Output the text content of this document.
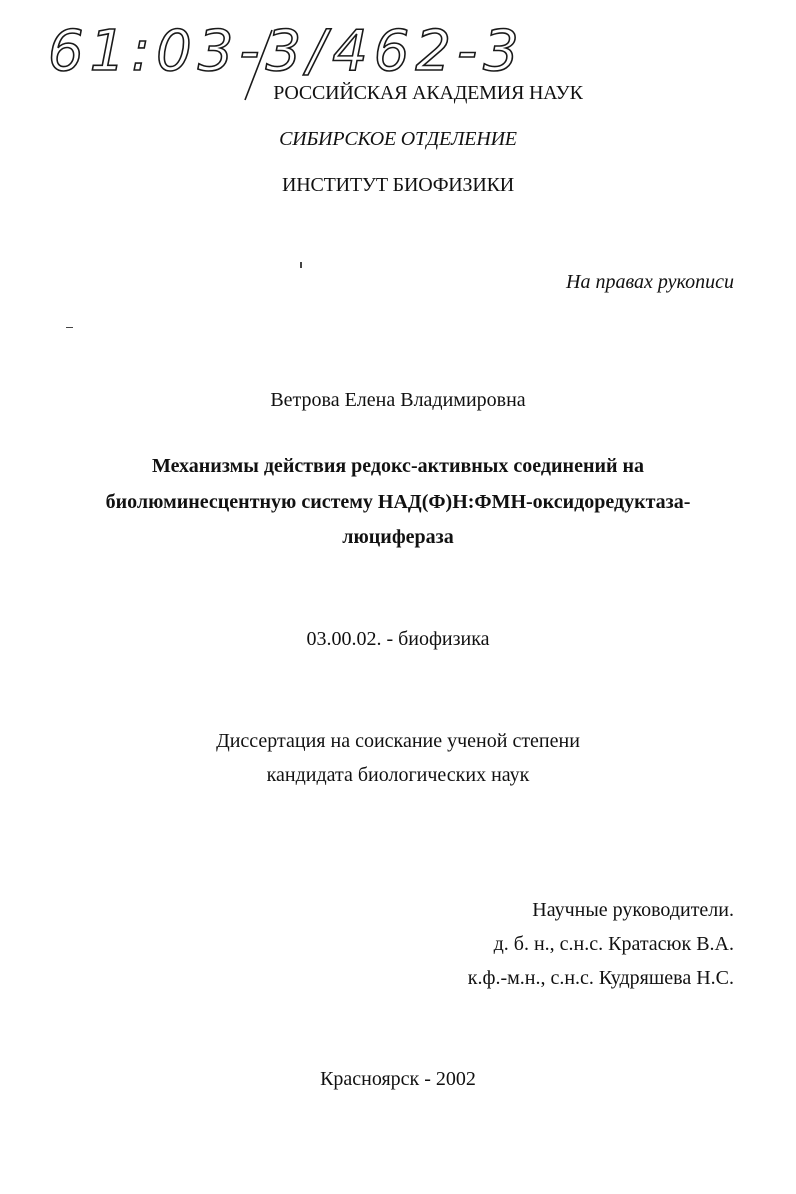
61:03-3/462-3
РОССИЙСКАЯ АКАДЕМИЯ НАУК
СИБИРСКОЕ ОТДЕЛЕНИЕ
ИНСТИТУТ БИОФИЗИКИ
На правах рукописи
Ветрова Елена Владимировна
Механизмы действия редокс-активных соединений на
биолюминесцентную систему НАД(Ф)Н:ФМН-оксидоредуктаза-
люцифераза
03.00.02. - биофизика
Диссертация на соискание ученой степени
кандидата биологических наук
Научные руководители.
д. б. н., с.н.с. Кратасюк В.А.
к.ф.-м.н., с.н.с. Кудряшева Н.С.
Красноярск - 2002
